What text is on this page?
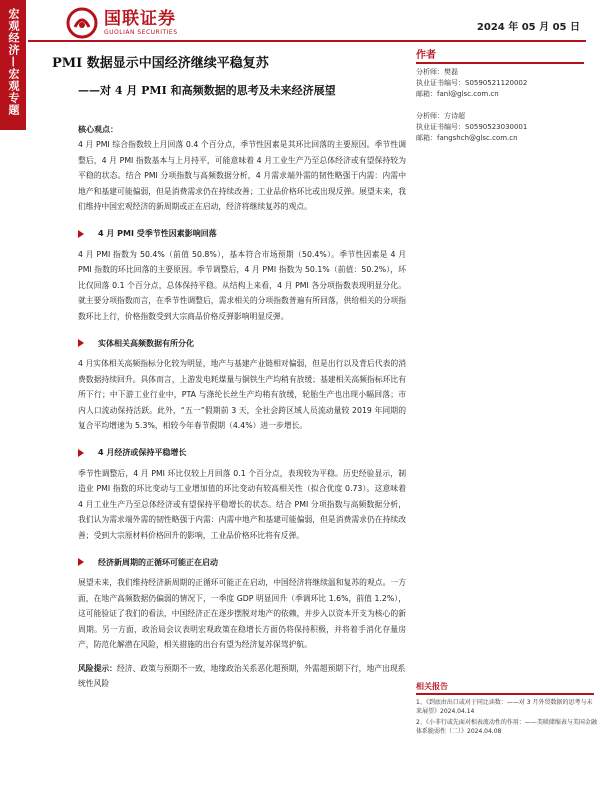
宏观经济—宏观专题	国联证券
GUOLIAN SECURITIES	2024 年 05 月 05 日
PMI 数据显示中国经济继续平稳复苏
——对 4 月 PMI 和高频数据的思考及未来经济展望
作者
分析师：樊磊
执业证书编号：S0590521120002
邮箱：fanl@glsc.com.cn
分析师：方诗超
执业证书编号：S0590523030001
邮箱：fangshch@glsc.com.cn
核心观点：

4 月 PMI 综合指数较上月回落 0.4 个百分点，季节性因素是其环比回落的主要原因。季节性调整后，4 月 PMI 指数基本与上月持平，可能意味着 4 月工业生产乃至总体经济或有望保持较为平稳的状态。结合 PMI 分项指数与高频数据分析，4 月需求端外需的韧性略强于内需：内需中地产和基建可能偏弱，但是消费需求仍在持续改善；工业品价格环比或出现反弹。展望未来，我们维持中国宏观经济的新周期或正在启动，经济将继续复苏的观点。

4 月 PMI 受季节性因素影响回落

4 月 PMI 指数为 50.4%（前值 50.8%），基本符合市场预期（50.4%）。季节性因素是 4 月 PMI 指数的环比回落的主要原因。季节调整后，4 月 PMI 指数为 50.1%（前值：50.2%），环比仅回落 0.1 个百分点，总体保持平稳。从结构上来看，4 月 PMI 各分项指数表现明显分化。就主要分项指数而言，在季节性调整后，需求相关的分项指数普遍有所回落，供给相关的分项指数环比上行，价格指数受到大宗商品价格反弹影响明显反弹。

实体相关高频数据有所分化

4 月实体相关高频指标分化较为明显，地产与基建产业链相对偏弱，但是出行以及背后代表的消费数据持续回升。具体而言，上游发电耗煤量与铜铁生产均稍有放缓；基建相关高频指标环比有所下行；中下游工业行业中，PTA 与涤纶长丝生产均稍有放缓，轮胎生产也出现小幅回落；市内人口流动保持活跃。此外，“五一”假期前 3 天，全社会跨区域人员流动量较 2019 年同期的复合平均增速为 5.3%，相较今年春节假期（4.4%）进一步增长。

4 月经济或保持平稳增长

季节性调整后，4 月 PMI 环比仅较上月回落 0.1 个百分点，表现较为平稳。历史经验显示，制造业 PMI 指数的环比变动与工业增加值的环比变动有较高相关性（拟合优度 0.73）。这意味着 4 月工业生产乃至总体经济或有望保持平稳增长的状态。结合 PMI 分项指数与高频数据分析，我们认为需求端外需的韧性略强于内需：内需中地产和基建可能偏弱，但是消费需求仍在持续改善；受到大宗原材料价格回升的影响，工业品价格环比将有反弹。

经济新周期的正循环可能正在启动

展望未来，我们维持经济新周期的正循环可能正在启动，中国经济将继续温和复苏的观点。一方面，在地产高频数据仍偏弱的情况下，一季度 GDP 明显回升（季调环比 1.6%，前值 1.2%），这可能验证了我们的看法，中国经济正在逐步摆脱对地产的依赖，并步入以资本开支为核心的新周期。另一方面，政治局会议表明宏观政策在稳增长方面仍将保持积极，并将着手消化存量房产，防范化解潜在风险，相关措施的出台有望为经济复苏保驾护航。

风险提示：经济、政策与预期不一致，地缘政治关系恶化超预期，外需超预期下行，地产出现系统性风险	相关报告
1、《到底由出口或对于同比读数：——对 3 月外贸数据的思考与未来展望》2024.04.14
2、《小非行或先面对相表流动性的作用：——美联储缩表与美国金融体系脆弱性（二）》2024.04.08
